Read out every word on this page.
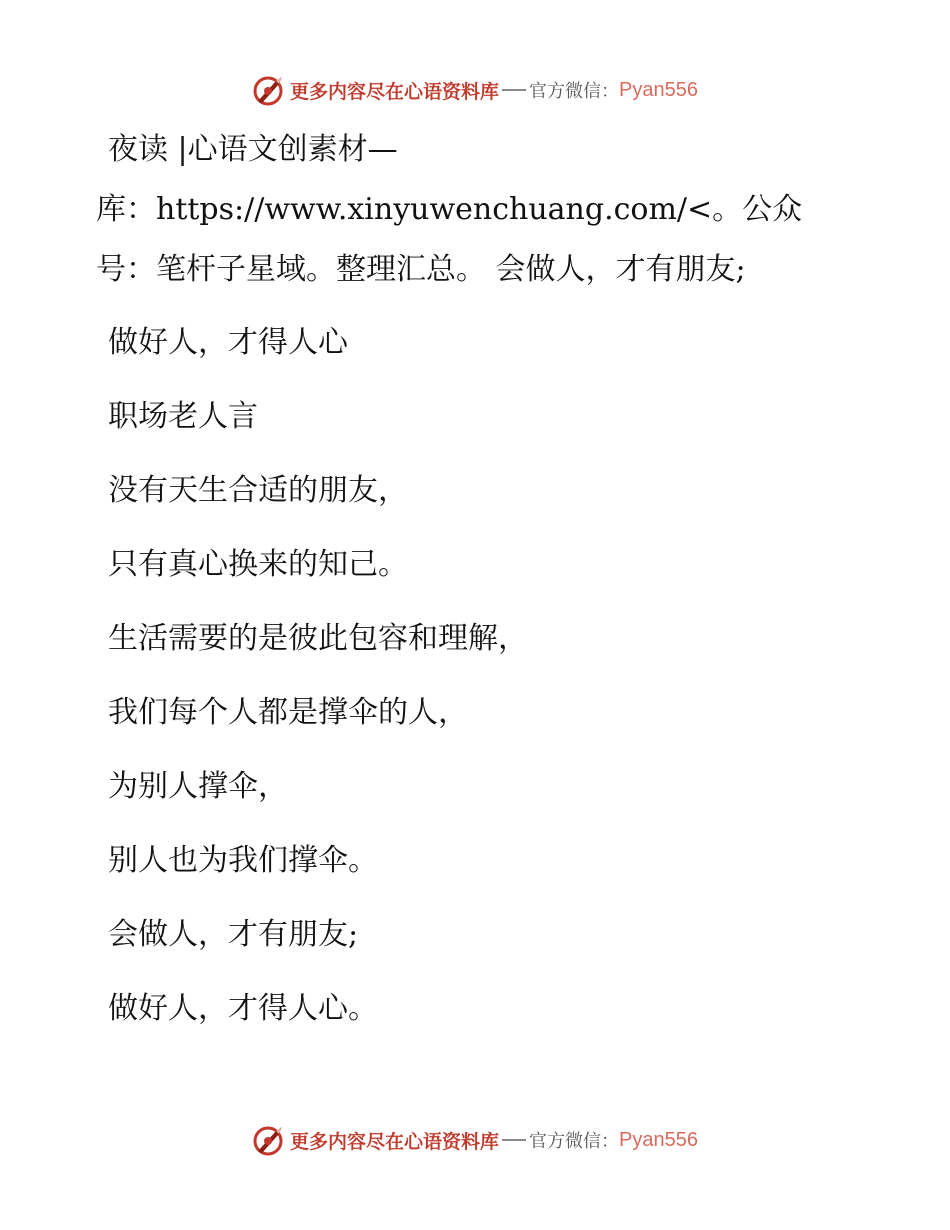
更多内容尽在心语资料库 官方微信： Pyan556

夜读 |心语文创素材—

库：https://www.xinyuwenchuang.com/<。公众号：笔杆子星域。整理汇总。 会做人，才有朋友;

做好人，才得人心

职场老人言

没有天生合适的朋友，

只有真心换来的知己。

生活需要的是彼此包容和理解，

我们每个人都是撑伞的人，

为别人撑伞，

别人也为我们撑伞。

会做人，才有朋友;

做好人，才得人心。

更多内容尽在心语资料库 官方微信： Pyan556
